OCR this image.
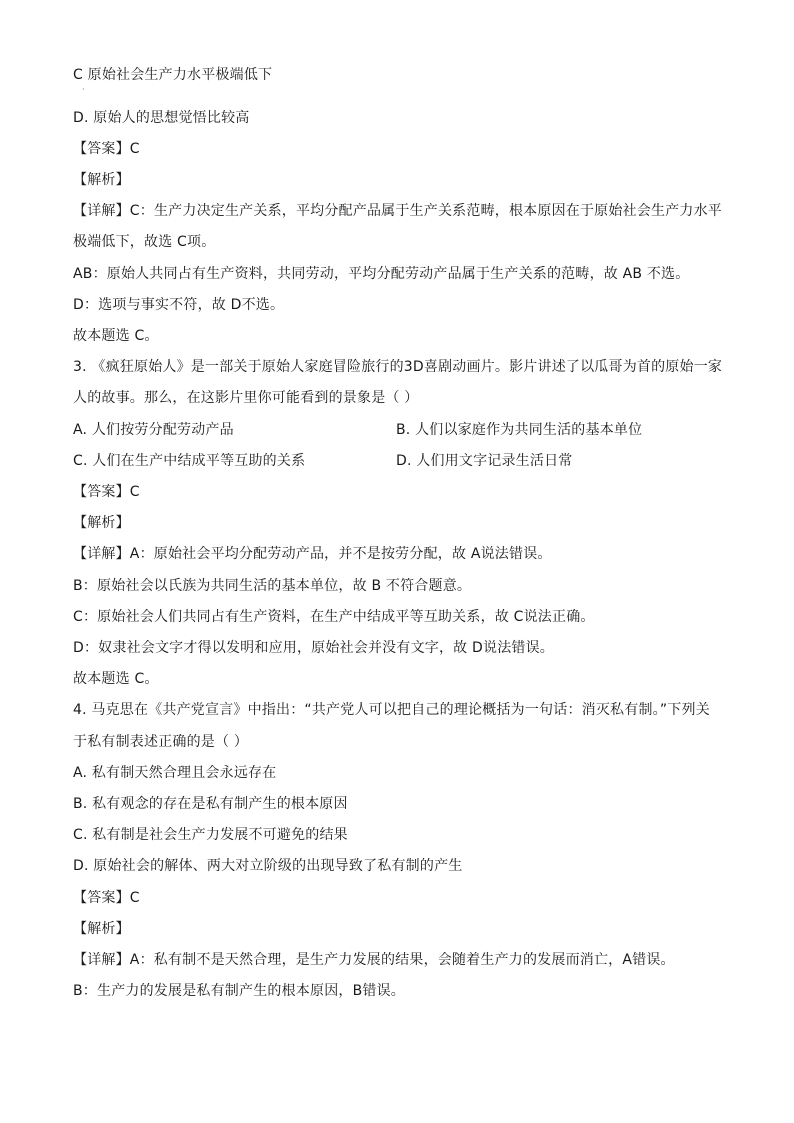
C 原始社会生产力水平极端低下
·
D. 原始人的思想觉悟比较高
【答案】C
【解析】
【详解】C：生产力决定生产关系，平均分配产品属于生产关系范畴，根本原因在于原始社会生产力水平
极端低下，故选 C项。
AB：原始人共同占有生产资料，共同劳动，平均分配劳动产品属于生产关系的范畴，故 AB 不选。
D：选项与事实不符，故 D不选。
故本题选 C。
3. 《疯狂原始人》是一部关于原始人家庭冒险旅行的3D喜剧动画片。影片讲述了以瓜哥为首的原始一家
人的故事。那么，在这影片里你可能看到的景象是（ ）
A. 人们按劳分配劳动产品	B. 人们以家庭作为共同生活的基本单位
C. 人们在生产中结成平等互助的关系	D. 人们用文字记录生活日常
【答案】C
【解析】
【详解】A：原始社会平均分配劳动产品，并不是按劳分配，故 A说法错误。
B：原始社会以氏族为共同生活的基本单位，故 B 不符合题意。
C：原始社会人们共同占有生产资料，在生产中结成平等互助关系，故 C说法正确。
D：奴隶社会文字才得以发明和应用，原始社会并没有文字，故 D说法错误。
故本题选 C。
4. 马克思在《共产党宣言》中指出：“共产党人可以把自己的理论概括为一句话：消灭私有制。”下列关
于私有制表述正确的是（ ）
A. 私有制天然合理且会永远存在
B. 私有观念的存在是私有制产生的根本原因
C. 私有制是社会生产力发展不可避免的结果
D. 原始社会的解体、两大对立阶级的出现导致了私有制的产生
【答案】C
【解析】
【详解】A：私有制不是天然合理，是生产力发展的结果，会随着生产力的发展而消亡，A错误。
B：生产力的发展是私有制产生的根本原因，B错误。
